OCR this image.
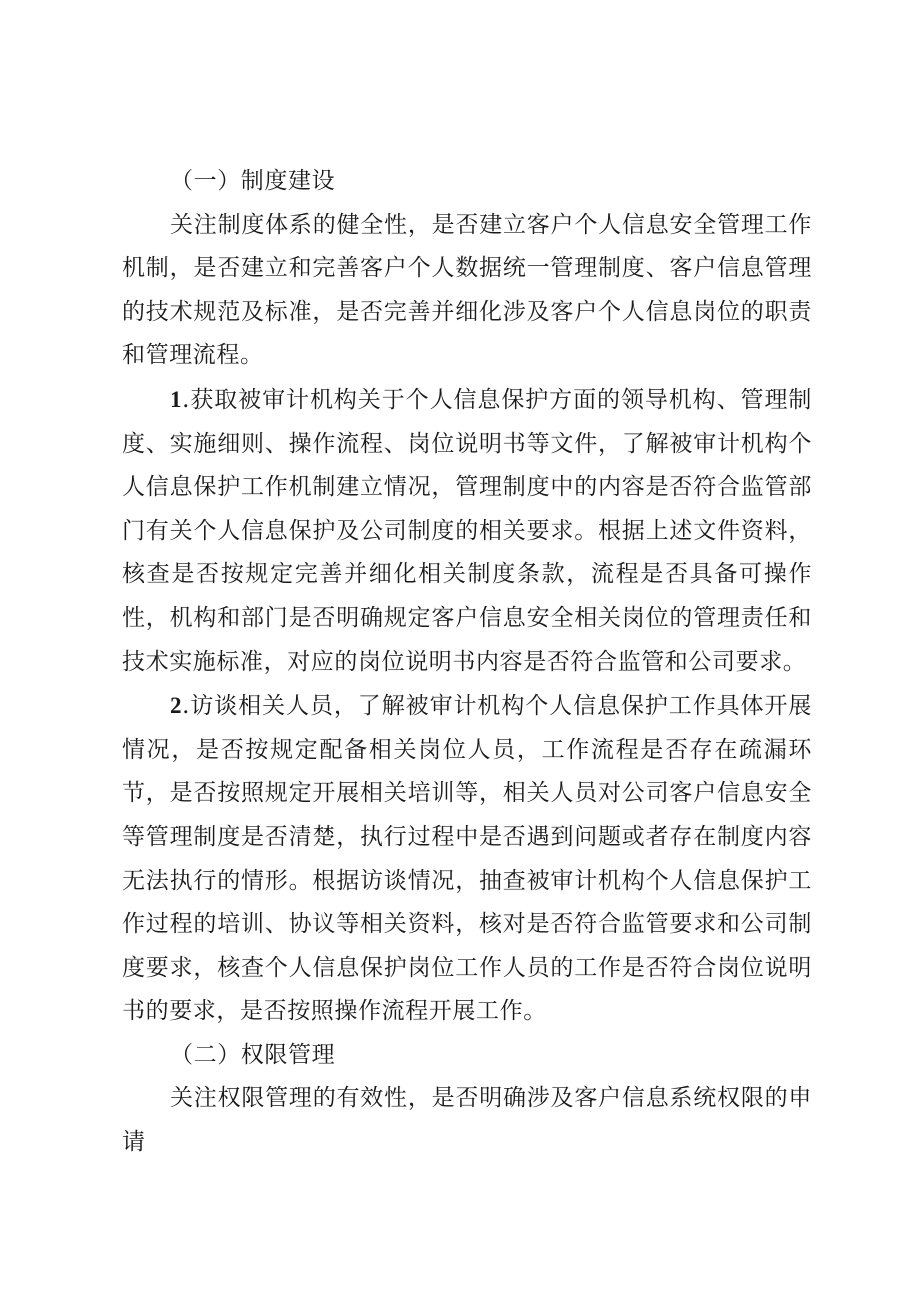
（一）制度建设

关注制度体系的健全性，是否建立客户个人信息安全管理工作机制，是否建立和完善客户个人数据统一管理制度、客户信息管理的技术规范及标准，是否完善并细化涉及客户个人信息岗位的职责和管理流程。

1.获取被审计机构关于个人信息保护方面的领导机构、管理制度、实施细则、操作流程、岗位说明书等文件，了解被审计机构个人信息保护工作机制建立情况，管理制度中的内容是否符合监管部门有关个人信息保护及公司制度的相关要求。根据上述文件资料，核查是否按规定完善并细化相关制度条款，流程是否具备可操作性，机构和部门是否明确规定客户信息安全相关岗位的管理责任和技术实施标准，对应的岗位说明书内容是否符合监管和公司要求。

2.访谈相关人员，了解被审计机构个人信息保护工作具体开展情况，是否按规定配备相关岗位人员，工作流程是否存在疏漏环节，是否按照规定开展相关培训等，相关人员对公司客户信息安全等管理制度是否清楚，执行过程中是否遇到问题或者存在制度内容无法执行的情形。根据访谈情况，抽查被审计机构个人信息保护工作过程的培训、协议等相关资料，核对是否符合监管要求和公司制度要求，核查个人信息保护岗位工作人员的工作是否符合岗位说明书的要求，是否按照操作流程开展工作。

（二）权限管理

关注权限管理的有效性，是否明确涉及客户信息系统权限的申请
